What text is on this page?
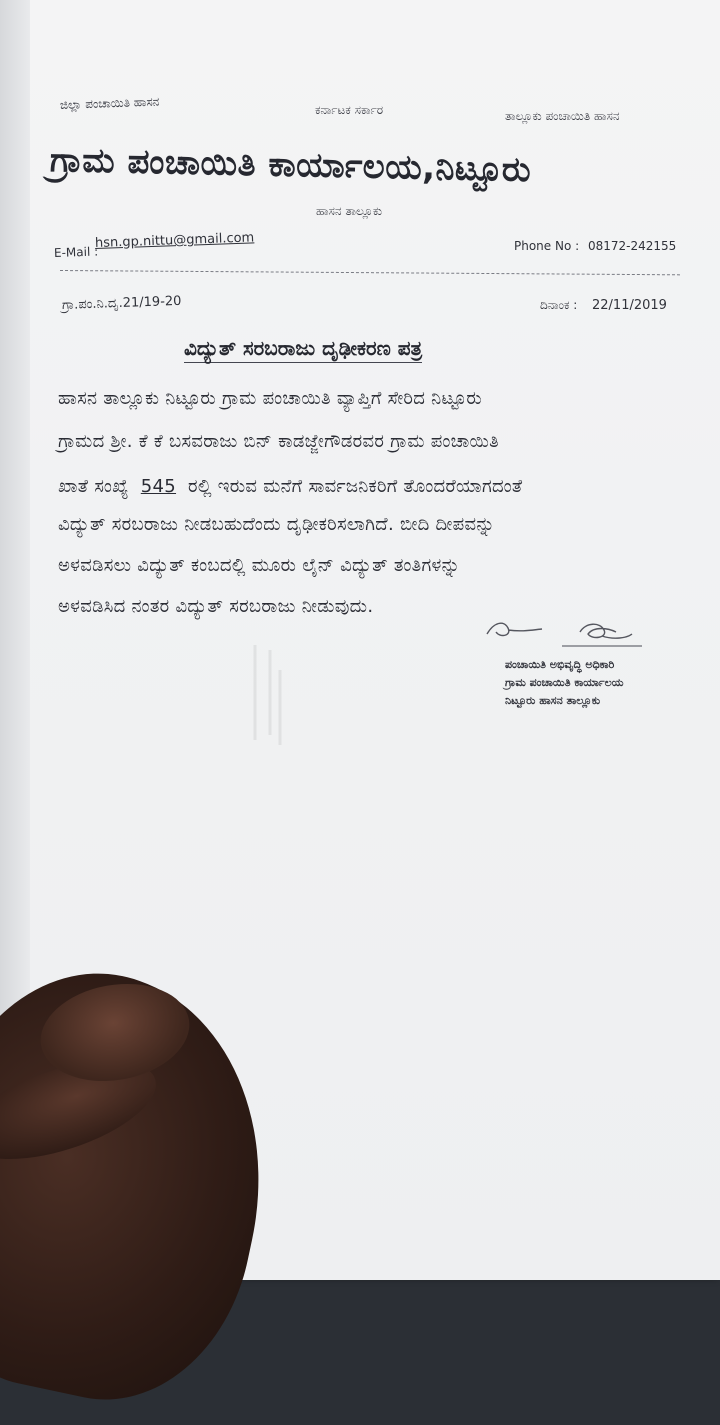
ಜಿಲ್ಲಾ ಪಂಚಾಯಿತಿ ಹಾಸನ	ಕರ್ನಾಟಕ ಸರ್ಕಾರ	ತಾಲ್ಲೂಕು ಪಂಚಾಯಿತಿ ಹಾಸನ
ಗ್ರಾಮ ಪಂಚಾಯಿತಿ ಕಾರ್ಯಾಲಯ,ನಿಟ್ಟೂರು
ಹಾಸನ ತಾಲ್ಲೂಕು
E-Mail :
hsn.gp.nittu@gmail.com	Phone No : 08172-242155
ಗ್ರಾ.ಪಂ.ನಿ.ದೃ.21/19-20	ದಿನಾಂಕ : 22/11/2019
ವಿದ್ಯುತ್ ಸರಬರಾಜು ದೃಢೀಕರಣ ಪತ್ರ
ಹಾಸನ ತಾಲ್ಲೂಕು ನಿಟ್ಟೂರು ಗ್ರಾಮ ಪಂಚಾಯಿತಿ ವ್ಯಾಪ್ತಿಗೆ ಸೇರಿದ ನಿಟ್ಟೂರು
ಗ್ರಾಮದ ಶ್ರೀ. ಕೆ ಕೆ ಬಸವರಾಜು ಬಿನ್ ಕಾಡಜ್ಜೇಗೌಡರವರ ಗ್ರಾಮ ಪಂಚಾಯಿತಿ
ಖಾತೆ ಸಂಖ್ಯೆ 545 ರಲ್ಲಿ ಇರುವ ಮನೆಗೆ ಸಾರ್ವಜನಿಕರಿಗೆ ತೊಂದರೆಯಾಗದಂತೆ
ವಿದ್ಯುತ್ ಸರಬರಾಜು ನೀಡಬಹುದೆಂದು ದೃಢೀಕರಿಸಲಾಗಿದೆ. ಬೀದಿ ದೀಪವನ್ನು
ಅಳವಡಿಸಲು ವಿದ್ಯುತ್ ಕಂಬದಲ್ಲಿ ಮೂರು ಲೈನ್ ವಿದ್ಯುತ್ ತಂತಿಗಳನ್ನು
ಅಳವಡಿಸಿದ ನಂತರ ವಿದ್ಯುತ್ ಸರಬರಾಜು ನೀಡುವುದು.
ಪಂಚಾಯಿತಿ ಅಭಿವೃದ್ಧಿ ಅಧಿಕಾರಿ
ಗ್ರಾಮ ಪಂಚಾಯಿತಿ ಕಾರ್ಯಾಲಯ
ನಿಟ್ಟೂರು ಹಾಸನ ತಾಲ್ಲೂಕು
